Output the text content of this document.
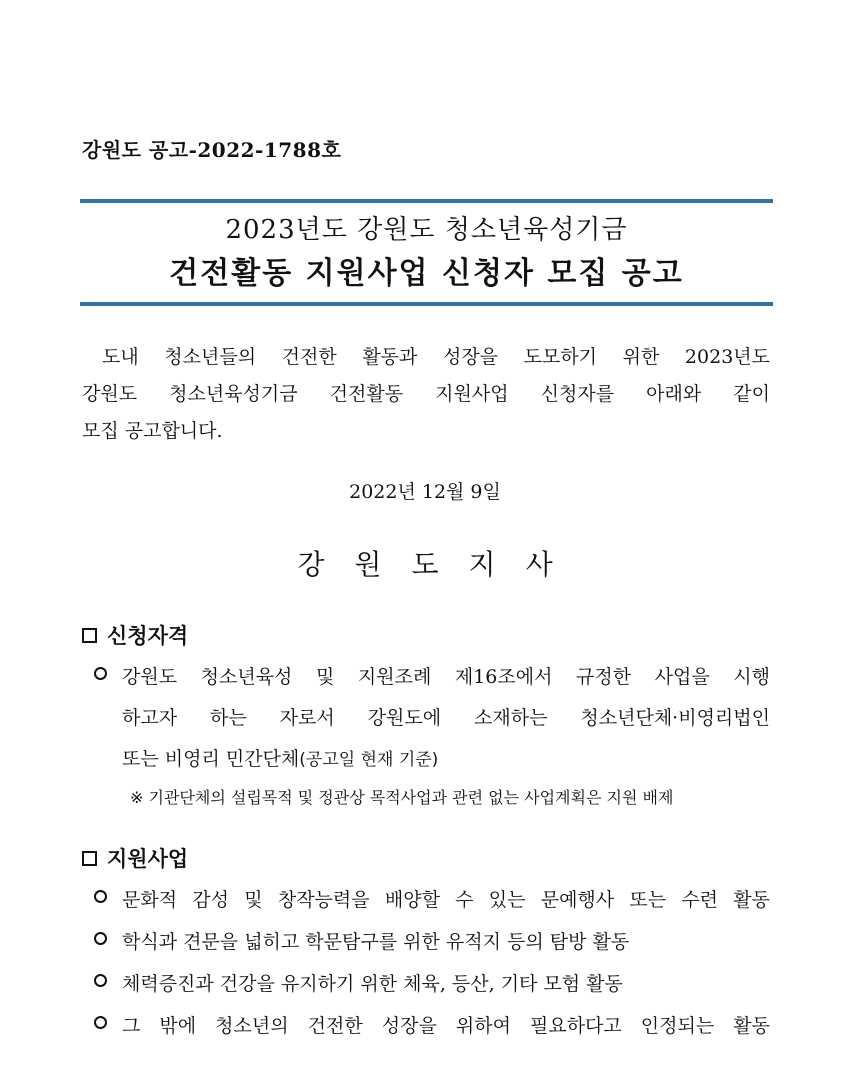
강원도 공고-2022-1788호
2023년도 강원도 청소년육성기금
건전활동 지원사업 신청자 모집 공고
도내 청소년들의 건전한 활동과 성장을 도모하기 위한 2023년도
강원도 청소년육성기금 건전활동 지원사업 신청자를 아래와 같이
모집 공고합니다.
2022년 12월 9일
강원도지사
신청자격
강원도 청소년육성 및 지원조례 제16조에서 규정한 사업을 시행
하고자 하는 자로서 강원도에 소재하는 청소년단체·비영리법인
또는 비영리 민간단체(공고일 현재 기준)
※ 기관단체의 설립목적 및 정관상 목적사업과 관련 없는 사업계획은 지원 배제
지원사업
문화적 감성 및 창작능력을 배양할 수 있는 문예행사 또는 수련 활동
학식과 견문을 넓히고 학문탐구를 위한 유적지 등의 탐방 활동
체력증진과 건강을 유지하기 위한 체육, 등산, 기타 모험 활동
그 밖에 청소년의 건전한 성장을 위하여 필요하다고 인정되는 활동
